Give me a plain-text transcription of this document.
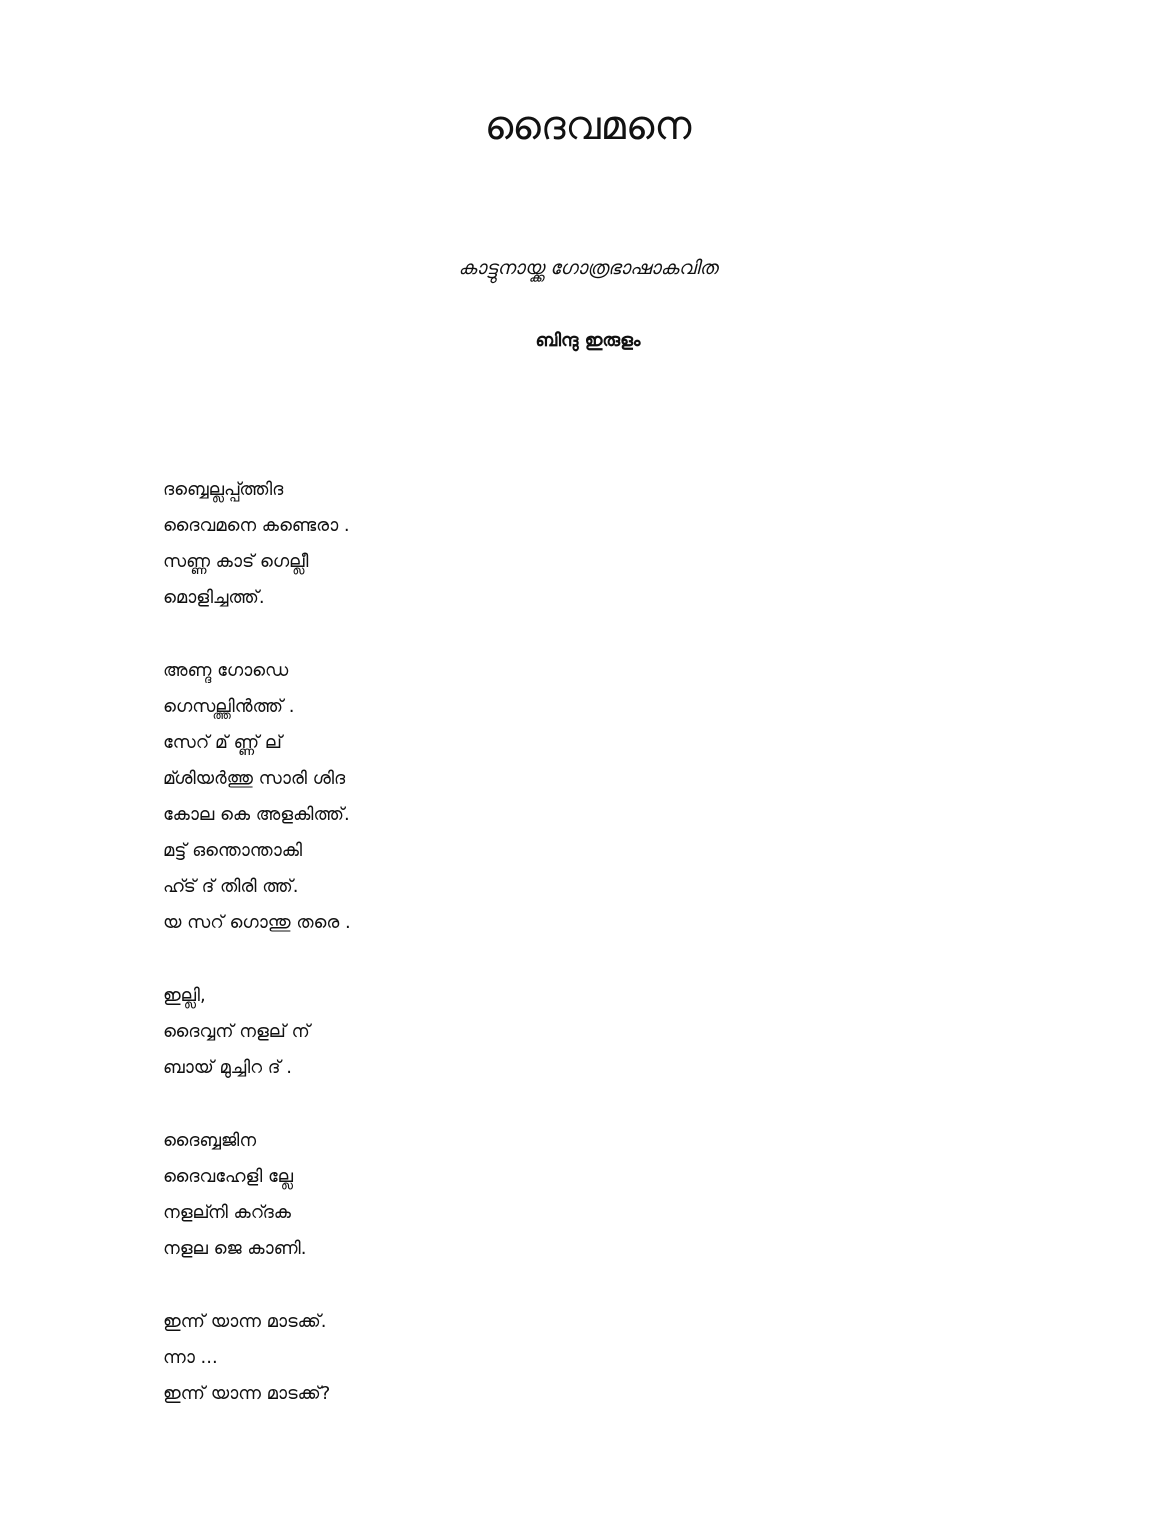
ദൈവമനെ
കാട്ടുനായ്ക്ക ഗോത്രഭാഷാകവിത
ബിന്ദു ഇരുളം
ദബ്ബെല്ലപ്പ്ത്തിദ
ദൈവമനെ കണ്ടെരാ .
സണ്ണ കാട് ഗെല്ലീ
മൊളിച്ചത്ത്.
അണ്ദ ഗോഡെ
ഗെസല്ത്തിൻത്ത് .
സേറ് മ് ണ്ണ് ല്
മ്ശിയർത്തു സാരി ശിദ
കോല കെ അളകിത്ത്.
മട്ട് ഒന്തൊന്താകി
ഹ്ട് ദ് തിരി ത്ത്.
യ സറ് ഗൊന്തു തരെ .
ഇല്ലി,
ദൈവ്വന് നളല് ന്
ബായ് മുച്ചിറ ദ് .
ദൈബ്ബജിന
ദൈവഹേളി ല്ലേ
നളല്നി കറ്ദക
നളല ജെ കാണി.
ഇന്ന് യാന്ന മാടക്ക്.
ന്നാ ...
ഇന്ന് യാന്ന മാടക്ക്?
